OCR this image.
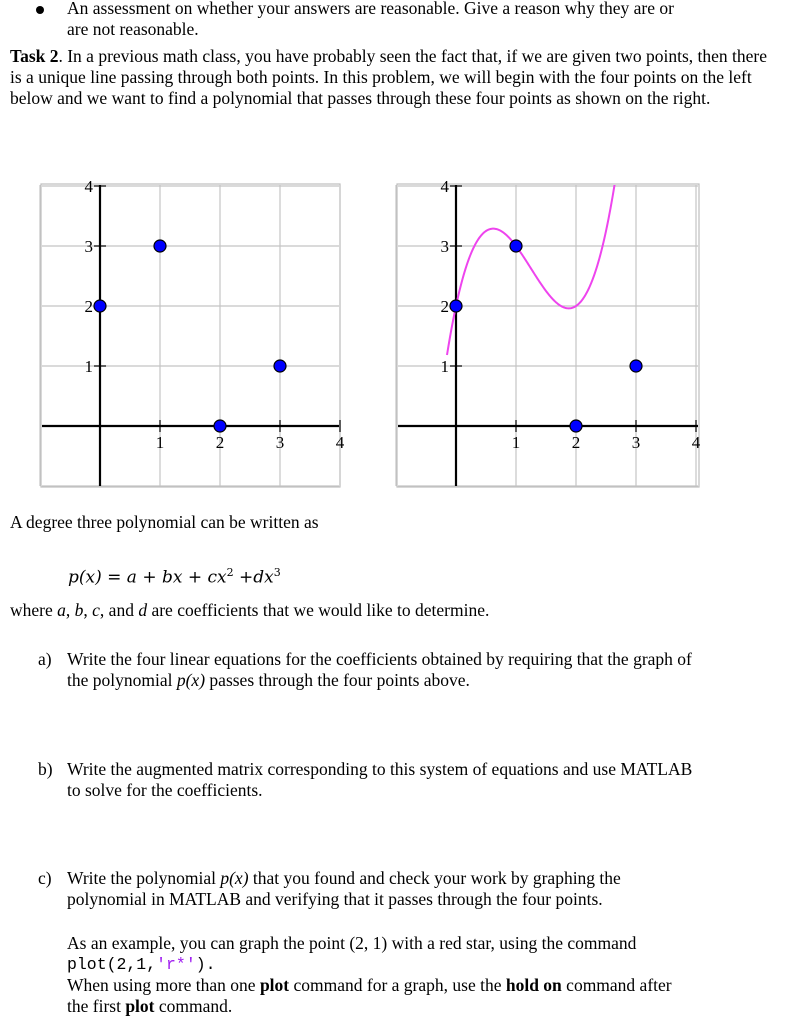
An assessment on whether your answers are reasonable. Give a reason why they are or
are not reasonable.
Task 2. In a previous math class, you have probably seen the fact that, if we are given two points, then there is a unique line passing through both points. In this problem, we will begin with the four points on the left below and we want to find a polynomial that passes through these four points as shown on the right.
1	2	3	4
1
2
3
4
1	2	3	4
1
2
3
4
A degree three polynomial can be written as
p(x) = a + bx + $cx^2 +dx^3$
where a, b, c, and d are coefficients that we would like to determine.
a) Write the four linear equations for the coefficients obtained by requiring that the graph of
the polynomial p(x) passes through the four points above.
b) Write the augmented matrix corresponding to this system of equations and use MATLAB
to solve for the coefficients.
c) Write the polynomial p(x) that you found and check your work by graphing the
polynomial in MATLAB and verifying that it passes through the four points.
As an example, you can graph the point (2, 1) with a red star, using the command
plot(2,1,'r*').
When using more than one plot command for a graph, use the hold on command after
the first plot command.
